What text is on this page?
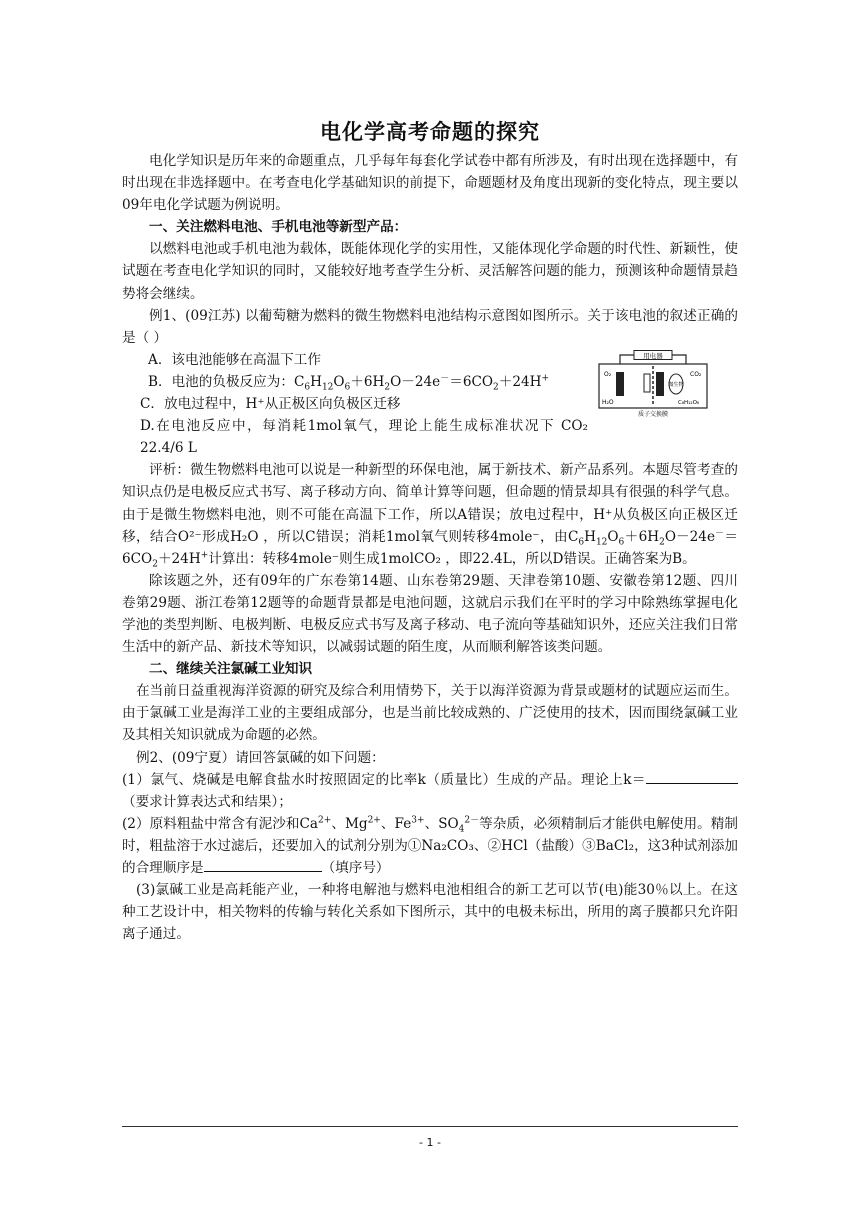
电化学高考命题的探究

电化学知识是历年来的命题重点，几乎每年每套化学试卷中都有所涉及，有时出现在选择题中，有时出现在非选择题中。在考查电化学基础知识的前提下，命题题材及角度出现新的变化特点，现主要以09年电化学试题为例说明。

一、关注燃料电池、手机电池等新型产品：

以燃料电池或手机电池为载体，既能体现化学的实用性，又能体现化学命题的时代性、新颖性，使试题在考查电化学知识的同时，又能较好地考查学生分析、灵活解答问题的能力，预测该种命题情景趋势将会继续。

例1、(09江苏) 以葡萄糖为燃料的微生物燃料电池结构示意图如图所示。关于该电池的叙述正确的是（ ）

A．该电池能够在高温下工作

B．电池的负极反应为：$C_6H_{12}O_6+6H_2O-24e^-=6CO_2+24H^+$

C．放电过程中，H⁺从正极区向负极区迁移

D.在电池反应中，每消耗1mol氧气，理论上能生成标准状况下 CO₂ 22.4/6 L

评析：微生物燃料电池可以说是一种新型的环保电池，属于新技术、新产品系列。本题尽管考查的知识点仍是电极反应式书写、离子移动方向、简单计算等问题，但命题的情景却具有很强的科学气息。由于是微生物燃料电池，则不可能在高温下工作，所以A错误；放电过程中，H⁺从负极区向正极区迁移，结合O²⁻形成H₂O ，所以C错误；消耗1mol氧气则转移4mole⁻，由$C_6H_{12}O_6+6H_2O-24e^-=6CO_2+24H^+$计算出：转移4mole⁻则生成1molCO₂ ，即22.4L，所以D错误。正确答案为B。

除该题之外，还有09年的广东卷第14题、山东卷第29题、天津卷第10题、安徽卷第12题、四川卷第29题、浙江卷第12题等的命题背景都是电池问题，这就启示我们在平时的学习中除熟练掌握电化学池的类型判断、电极判断、电极反应式书写及离子移动、电子流向等基础知识外，还应关注我们日常生活中的新产品、新技术等知识，以减弱试题的陌生度，从而顺利解答该类问题。

二、继续关注氯碱工业知识

在当前日益重视海洋资源的研究及综合利用情势下，关于以海洋资源为背景或题材的试题应运而生。由于氯碱工业是海洋工业的主要组成部分，也是当前比较成熟的、广泛使用的技术，因而围绕氯碱工业及其相关知识就成为命题的必然。

例2、(09宁夏）请回答氯碱的如下问题：

(1）氯气、烧碱是电解食盐水时按照固定的比率k（质量比）生成的产品。理论上k＝（要求计算表达式和结果）；

(2）原料粗盐中常含有泥沙和$Ca^{2+}$、$Mg^{2+}$、$Fe^{3+}$、$SO_4^{2-}$等杂质，必须精制后才能供电解使用。精制时，粗盐溶于水过滤后，还要加入的试剂分别为①Na₂CO₃、②HCl（盐酸）③BaCl₂，这3种试剂添加的合理顺序是	（填序号）

(3)氯碱工业是高耗能产业，一种将电解池与燃料电池相组合的新工艺可以节(电)能30％以上。在这种工艺设计中，相关物料的传输与转化关系如下图所示，其中的电极未标出，所用的离子膜都只允许阳离子通过。

用电器
微生物
O₂	CO₂
H₂O	C₆H₁₂O₆
质子交换膜
- 1 -
